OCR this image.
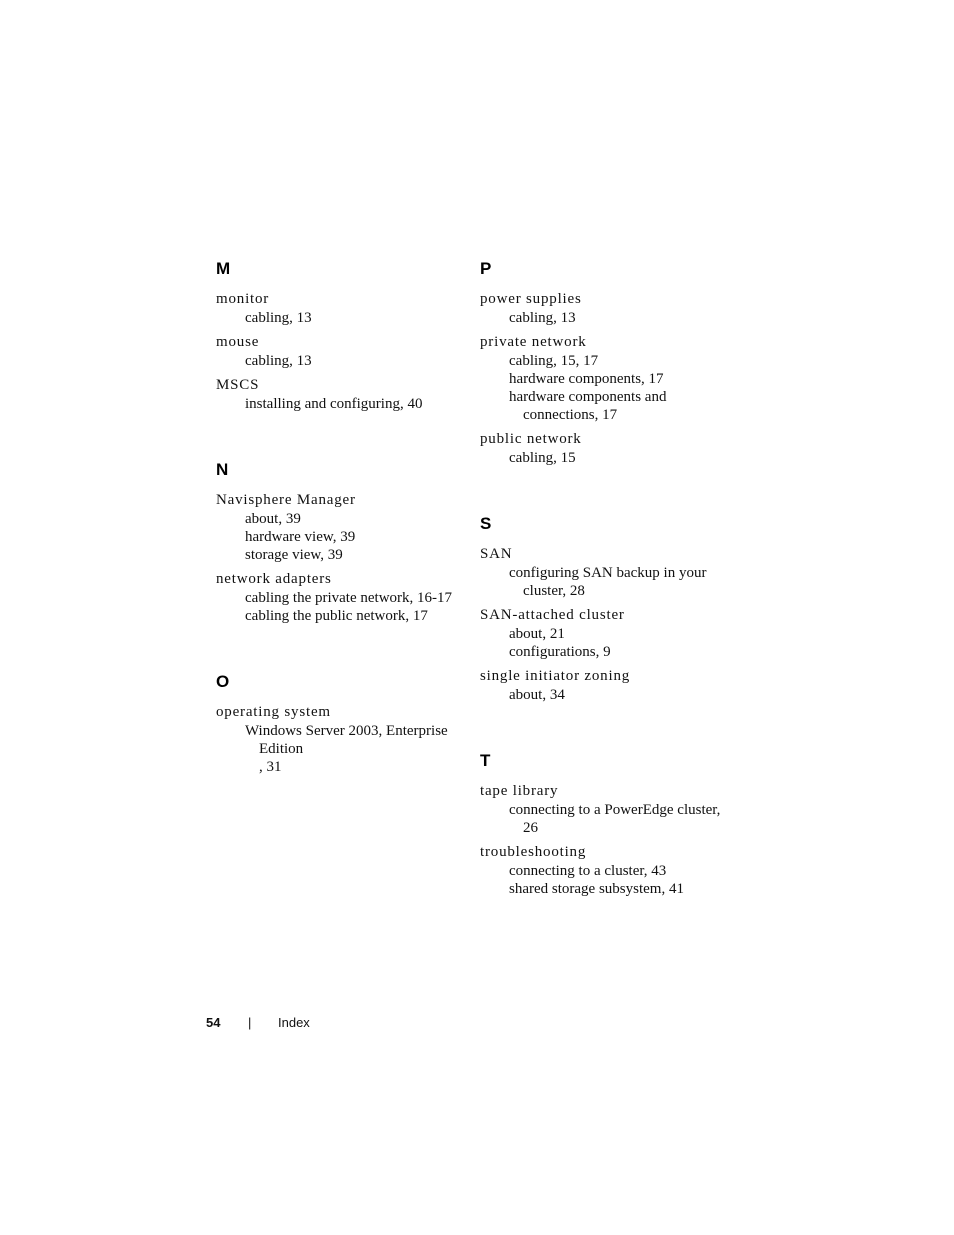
M
monitor
cabling, 13
mouse
cabling, 13
MSCS
installing and configuring, 40
N
Navisphere Manager
about, 39
hardware view, 39
storage view, 39
network adapters
cabling the private network, 16-17
cabling the public network, 17
O
operating system
Windows Server 2003, Enterprise Edition
, 31
P
power supplies
cabling, 13
private network
cabling, 15, 17
hardware components, 17
hardware components and connections, 17
public network
cabling, 15
S
SAN
configuring SAN backup in your cluster, 28
SAN-attached cluster
about, 21
configurations, 9
single initiator zoning
about, 34
T
tape library
connecting to a PowerEdge cluster, 26
troubleshooting
connecting to a cluster, 43
shared storage subsystem, 41
54 | Index
